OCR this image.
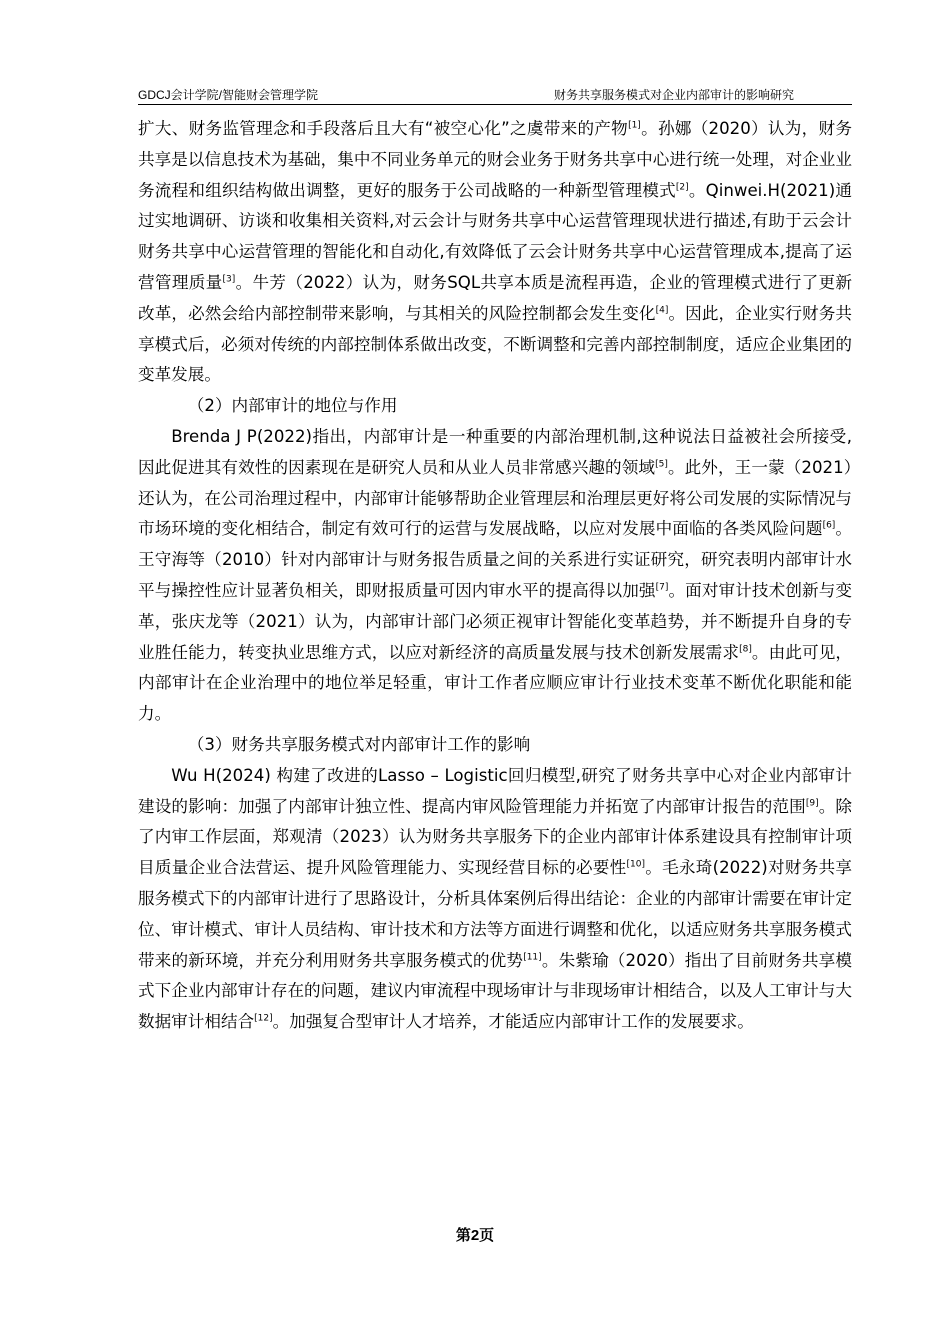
GDCJ会计学院/智能财会管理学院	财务共享服务模式对企业内部审计的影响研究

扩大、财务监管理念和手段落后且大有“被空心化”之虞带来的产物[1]。孙娜（2020）认为，财务共享是以信息技术为基础，集中不同业务单元的财会业务于财务共享中心进行统一处理，对企业业务流程和组织结构做出调整，更好的服务于公司战略的一种新型管理模式[2]。Qinwei.H(2021)通过实地调研、访谈和收集相关资料,对云会计与财务共享中心运营管理现状进行描述,有助于云会计财务共享中心运营管理的智能化和自动化,有效降低了云会计财务共享中心运营管理成本,提高了运营管理质量[3]。牛芳（2022）认为，财务SQL共享本质是流程再造，企业的管理模式进行了更新改革，必然会给内部控制带来影响，与其相关的风险控制都会发生变化[4]。因此，企业实行财务共享模式后，必须对传统的内部控制体系做出改变，不断调整和完善内部控制制度，适应企业集团的变革发展。

（2）内部审计的地位与作用

Brenda J P(2022)指出，内部审计是一种重要的内部治理机制,这种说法日益被社会所接受,因此促进其有效性的因素现在是研究人员和从业人员非常感兴趣的领域[5]。此外，王一蒙（2021）还认为，在公司治理过程中，内部审计能够帮助企业管理层和治理层更好将公司发展的实际情况与市场环境的变化相结合，制定有效可行的运营与发展战略，以应对发展中面临的各类风险问题[6]。王守海等（2010）针对内部审计与财务报告质量之间的关系进行实证研究，研究表明内部审计水平与操控性应计显著负相关，即财报质量可因内审水平的提高得以加强[7]。面对审计技术创新与变革，张庆龙等（2021）认为，内部审计部门必须正视审计智能化变革趋势，并不断提升自身的专业胜任能力，转变执业思维方式，以应对新经济的高质量发展与技术创新发展需求[8]。由此可见，内部审计在企业治理中的地位举足轻重，审计工作者应顺应审计行业技术变革不断优化职能和能力。

（3）财务共享服务模式对内部审计工作的影响

Wu H(2024) 构建了改进的Lasso – Logistic回归模型,研究了财务共享中心对企业内部审计建设的影响：加强了内部审计独立性、提高内审风险管理能力并拓宽了内部审计报告的范围[9]。除了内审工作层面，郑观清（2023）认为财务共享服务下的企业内部审计体系建设具有控制审计项目质量企业合法营运、提升风险管理能力、实现经营目标的必要性[10]。毛永琦(2022)对财务共享服务模式下的内部审计进行了思路设计，分析具体案例后得出结论：企业的内部审计需要在审计定位、审计模式、审计人员结构、审计技术和方法等方面进行调整和优化，以适应财务共享服务模式带来的新环境，并充分利用财务共享服务模式的优势[11]。朱紫瑜（2020）指出了目前财务共享模式下企业内部审计存在的问题，建议内审流程中现场审计与非现场审计相结合，以及人工审计与大数据审计相结合[12]。加强复合型审计人才培养，才能适应内部审计工作的发展要求。

第2页
